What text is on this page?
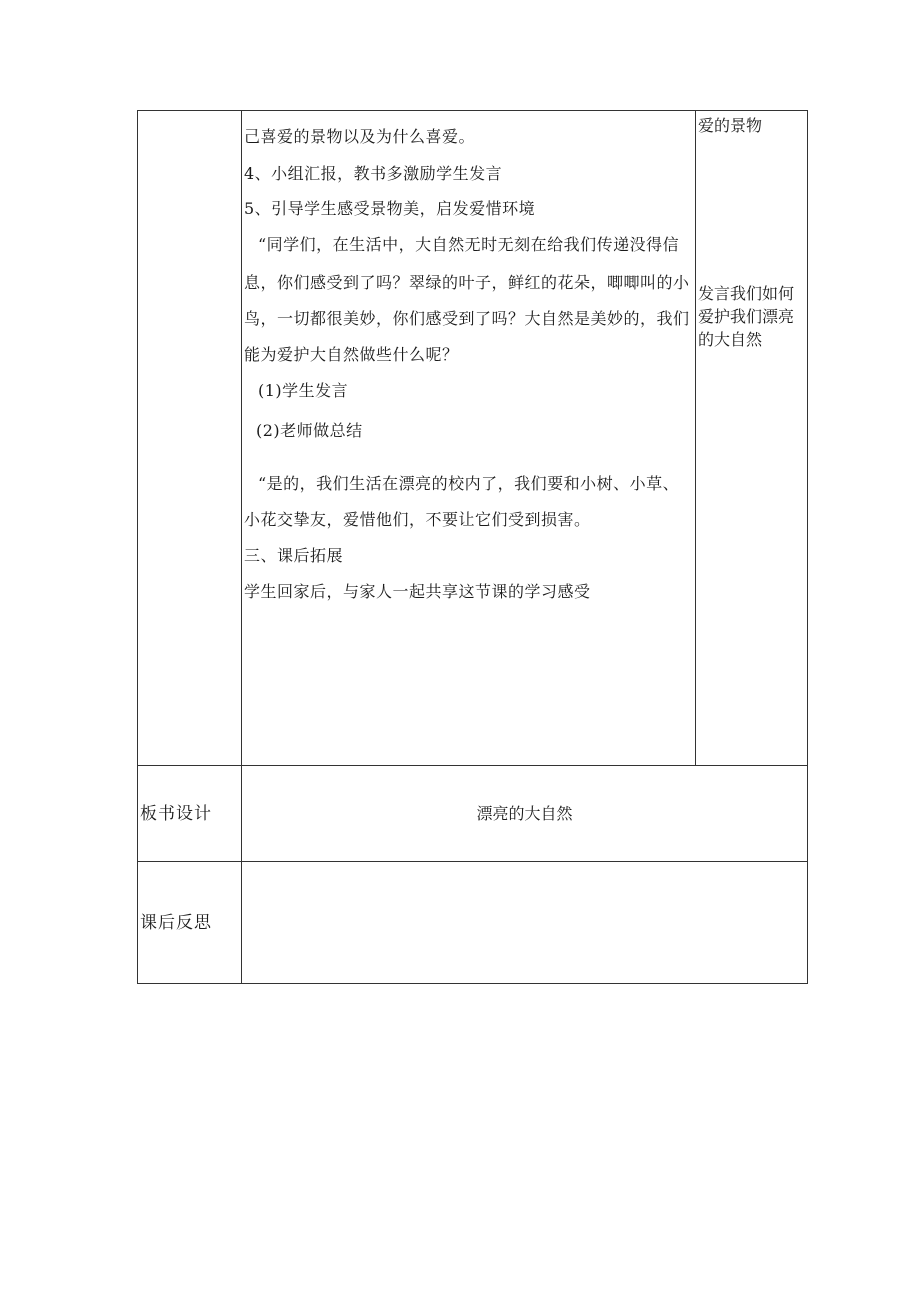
己喜爱的景物以及为什么喜爱。
4、小组汇报，教书多激励学生发言
5、引导学生感受景物美，启发爱惜环境
“同学们，在生活中，大自然无时无刻在给我们传递没得信
息，你们感受到了吗？翠绿的叶子，鲜红的花朵，唧唧叫的小
鸟，一切都很美妙，你们感受到了吗？大自然是美妙的，我们
能为爱护大自然做些什么呢？
(1)学生发言
(2)老师做总结
“是的，我们生活在漂亮的校内了，我们要和小树、小草、
小花交挚友，爱惜他们，不要让它们受到损害。
三、课后拓展
学生回家后，与家人一起共享这节课的学习感受
爱的景物
发言我们如何
爱护我们漂亮
的大自然
板书设计	漂亮的大自然
课后反思
